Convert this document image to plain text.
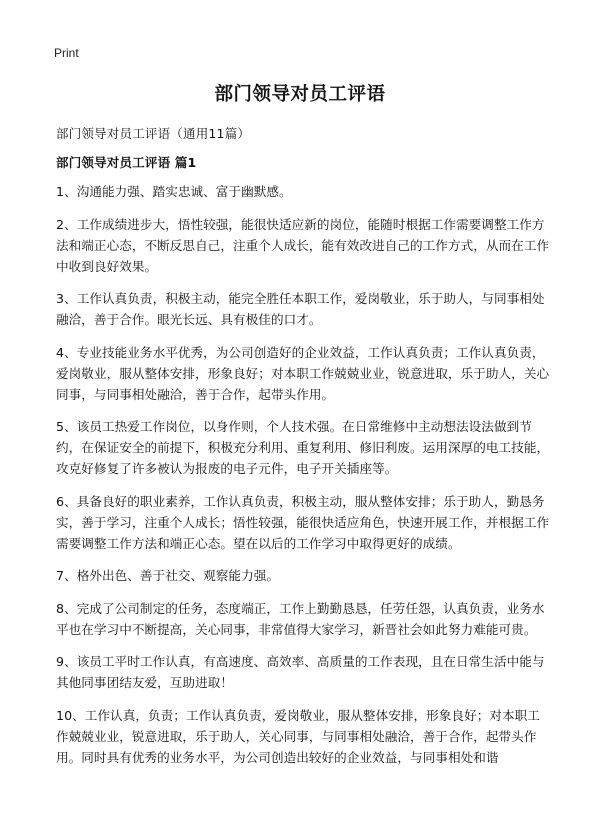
Print
部门领导对员工评语
部门领导对员工评语（通用11篇）
部门领导对员工评语 篇1

1、沟通能力强、踏实忠诚、富于幽默感。

2、工作成绩进步大，悟性较强，能很快适应新的岗位，能随时根据工作需要调整工作方法和端正心态，不断反思自己，注重个人成长，能有效改进自己的工作方式，从而在工作中收到良好效果。

3、工作认真负责，积极主动，能完全胜任本职工作，爱岗敬业，乐于助人，与同事相处融洽，善于合作。眼光长远、具有极佳的口才。

4、专业技能业务水平优秀，为公司创造好的企业效益，工作认真负责；工作认真负责，爱岗敬业，服从整体安排，形象良好；对本职工作兢兢业业，锐意进取，乐于助人，关心同事，与同事相处融洽，善于合作，起带头作用。

5、该员工热爱工作岗位，以身作则，个人技术强。在日常维修中主动想法设法做到节约，在保证安全的前提下，积极充分利用、重复利用、修旧利废。运用深厚的电工技能，攻克好修复了许多被认为报废的电子元件，电子开关插座等。

6、具备良好的职业素养，工作认真负责，积极主动，服从整体安排；乐于助人，勤恳务实，善于学习，注重个人成长；悟性较强，能很快适应角色，快速开展工作，并根据工作需要调整工作方法和端正心态。望在以后的工作学习中取得更好的成绩。

7、格外出色、善于社交、观察能力强。

8、完成了公司制定的任务，态度端正，工作上勤勤恳恳，任劳任怨，认真负责，业务水平也在学习中不断提高，关心同事，非常值得大家学习，新晋社会如此努力难能可贵。

9、该员工平时工作认真，有高速度、高效率、高质量的工作表现，且在日常生活中能与其他同事团结友爱，互助进取！

10、工作认真，负责；工作认真负责，爱岗敬业，服从整体安排，形象良好；对本职工作兢兢业业，锐意进取，乐于助人，关心同事，与同事相处融洽，善于合作，起带头作用。同时具有优秀的业务水平，为公司创造出较好的企业效益，与同事相处和谐
